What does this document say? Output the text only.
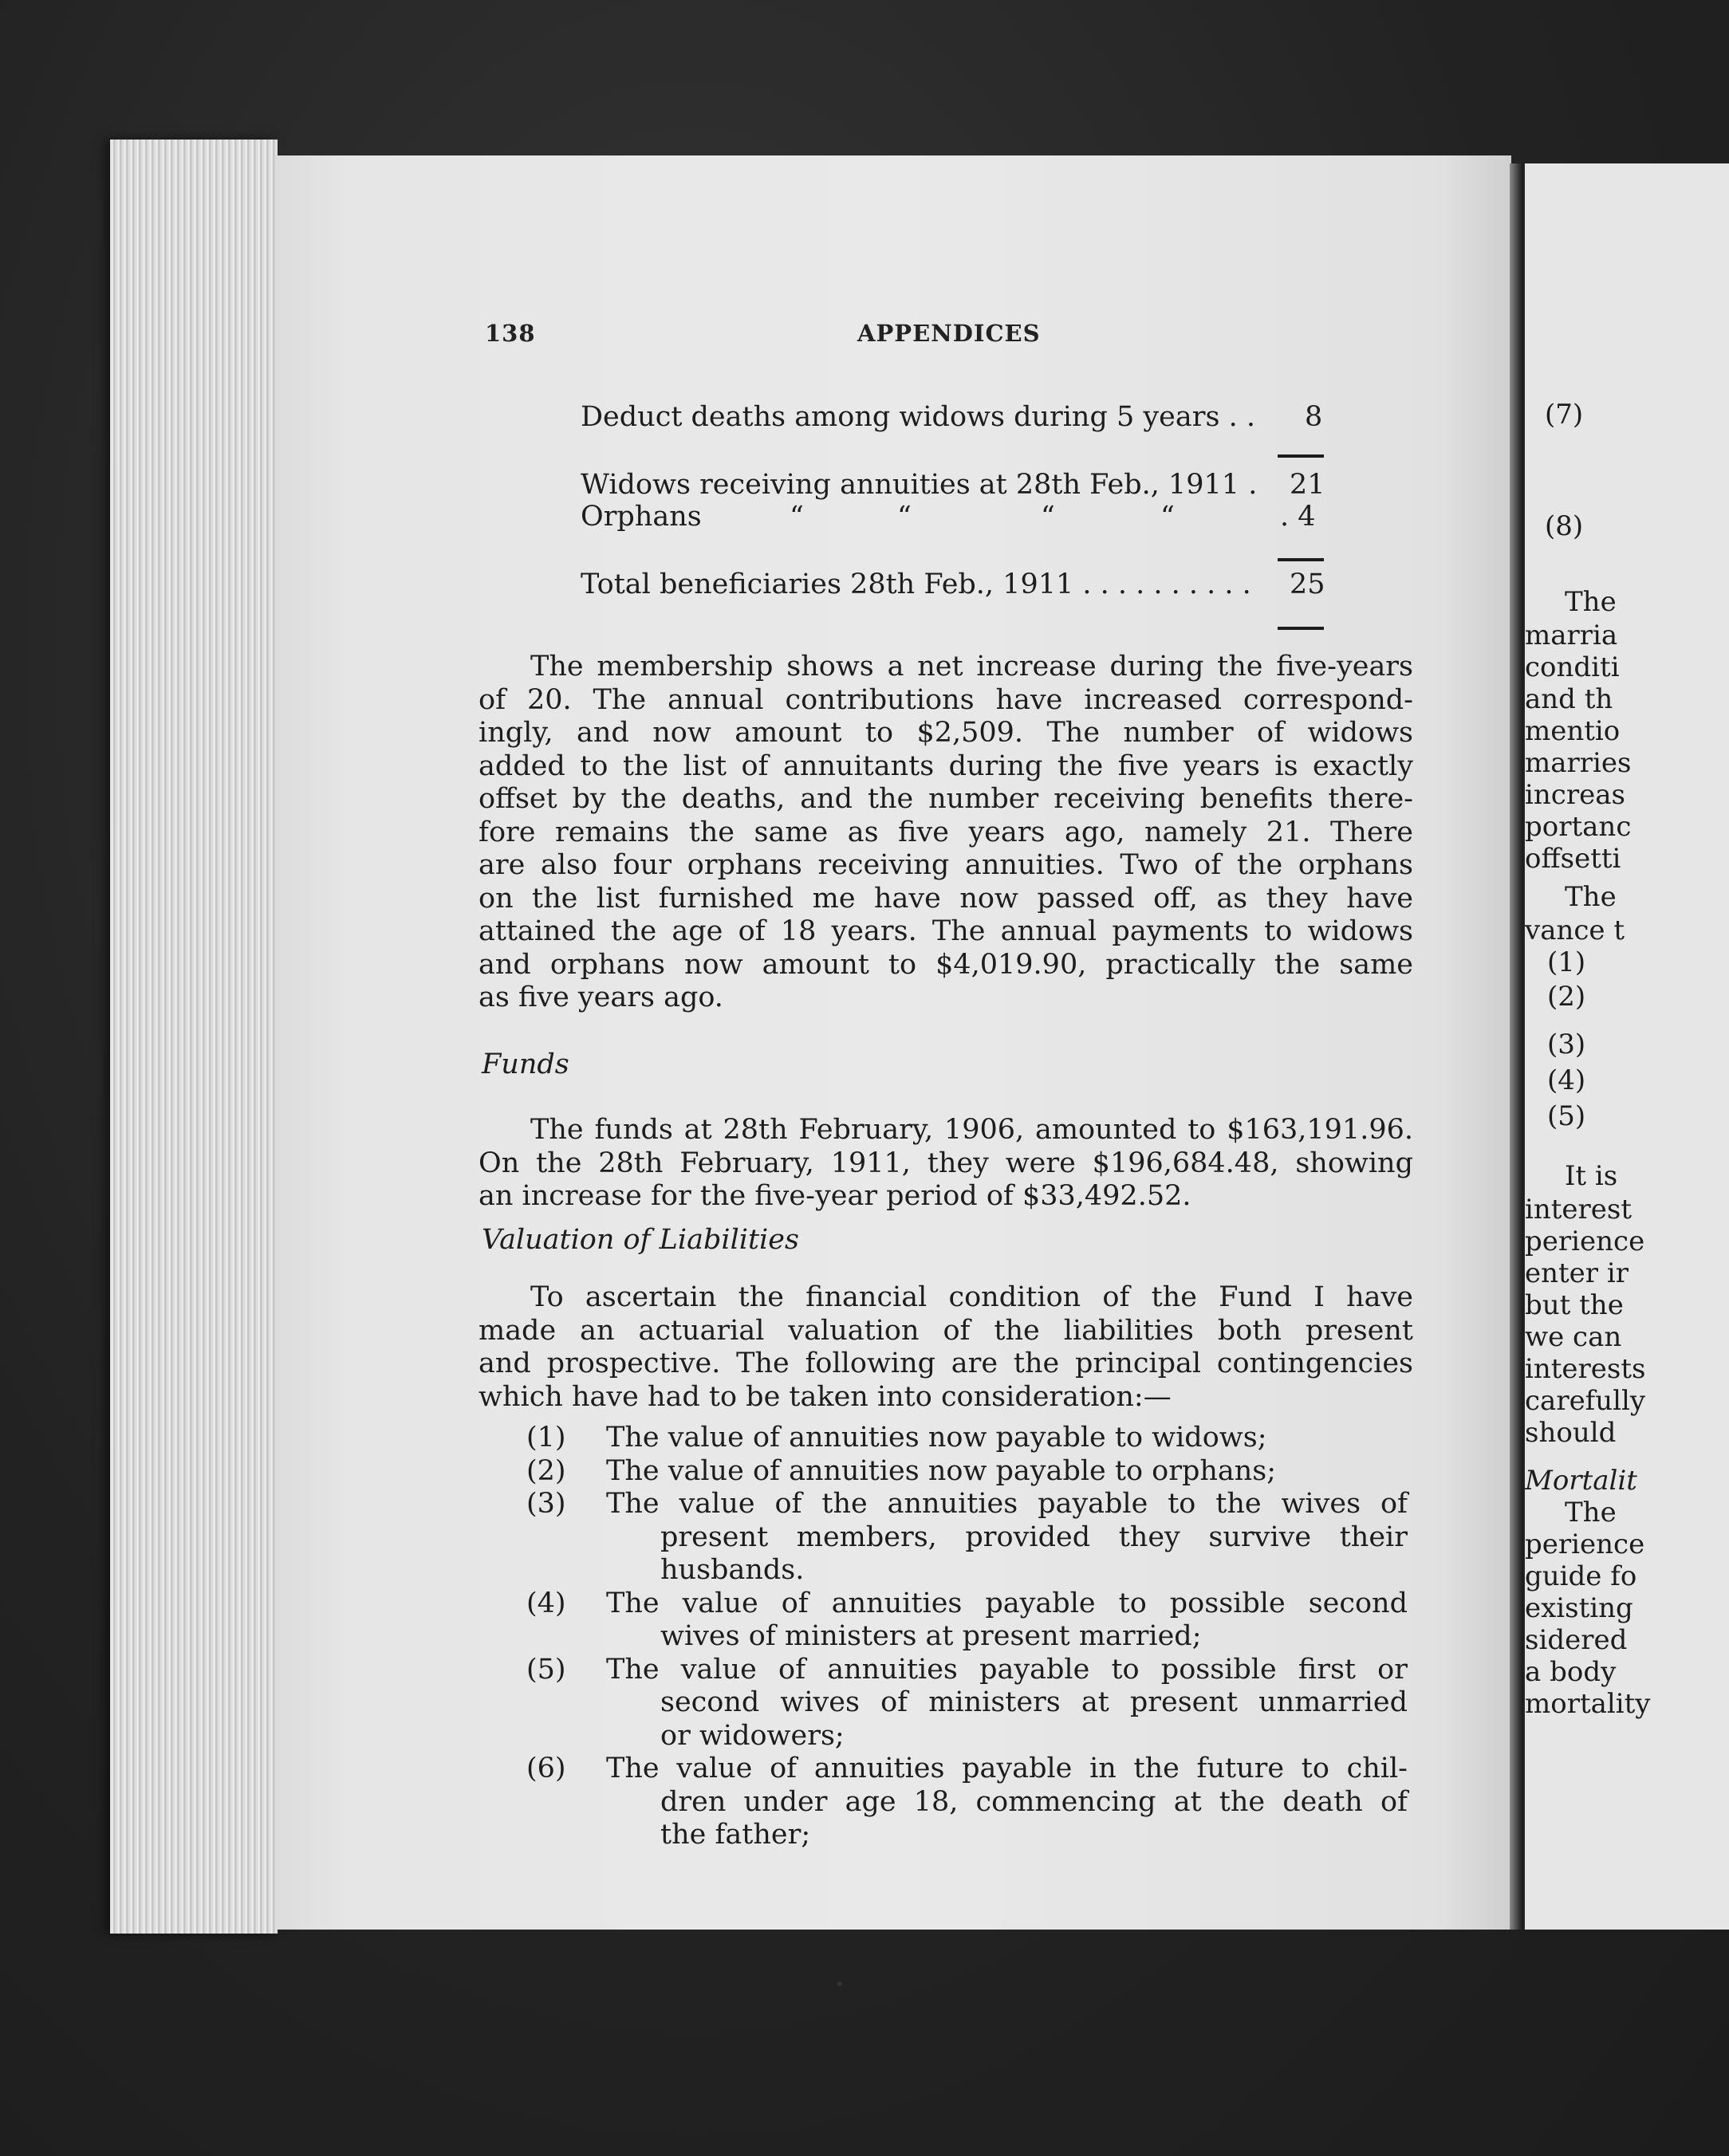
(7)
(8)
The
marria
conditi
and th
mentio
marries
increas
portanc
offsetti
The
vance t
(1)
(2)
(3)
(4)
(5)
It is
interest
perience
enter ir
but the
we can
interests
carefully
should
Mortalit
The
perience
guide fo
existing
sidered
a body
mortality
138	APPENDICES
Deduct deaths among widows during 5 years . . 8
Widows receiving annuities at 28th Feb., 1911 . 21
Orphans	“	“	“	“	. 4
Total beneficiaries 28th Feb., 1911 . . . . . . . . . . 25
The membership shows a net increase during the five-years
of 20. The annual contributions have increased correspond-
ingly, and now amount to $2,509. The number of widows
added to the list of annuitants during the five years is exactly
offset by the deaths, and the number receiving benefits there-
fore remains the same as five years ago, namely 21. There
are also four orphans receiving annuities. Two of the orphans
on the list furnished me have now passed off, as they have
attained the age of 18 years. The annual payments to widows
and orphans now amount to $4,019.90, practically the same
as five years ago.
Funds
The funds at 28th February, 1906, amounted to $163,191.96.
On the 28th February, 1911, they were $196,684.48, showing
an increase for the five-year period of $33,492.52.
Valuation of Liabilities
To ascertain the financial condition of the Fund I have
made an actuarial valuation of the liabilities both present
and prospective. The following are the principal contingencies
which have had to be taken into consideration:—
(1) The value of annuities now payable to widows;
(2) The value of annuities now payable to orphans;
(3) The value of the annuities payable to the wives of
present members, provided they survive their
husbands.
(4) The value of annuities payable to possible second
wives of ministers at present married;
(5) The value of annuities payable to possible first or
second wives of ministers at present unmarried
or widowers;
(6) The value of annuities payable in the future to chil-
dren under age 18, commencing at the death of
the father;
